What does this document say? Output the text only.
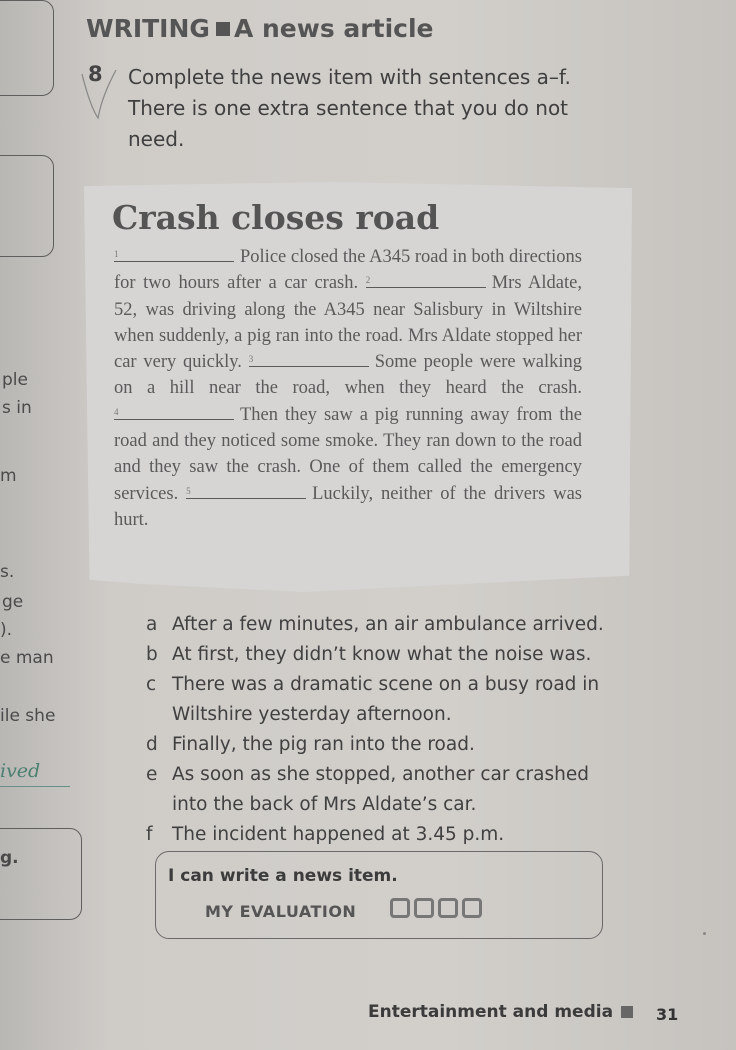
ple
s in
m
s.
ge
).
e man
ile she
ived
g.
WRITING A news article
8 Complete the news item with sentences a–f. There is one extra sentence that you do not need.
Crash closes road
1	Police closed the A345 road in both directions for two hours after a car crash. 2	Mrs Aldate, 52, was driving along the A345 near Salisbury in Wiltshire when suddenly, a pig ran into the road. Mrs Aldate stopped her car very quickly. 3	Some people were walking on a hill near the road, when they heard the crash.
4	Then they saw a pig running away from the road and they noticed some smoke. They ran down to the road and they saw the crash. One of them called the emergency services. 5	Luckily, neither of the drivers was hurt.
a After a few minutes, an air ambulance arrived.
b At first, they didn’t know what the noise was.
c There was a dramatic scene on a busy road in Wiltshire yesterday afternoon.
d Finally, the pig ran into the road.
e As soon as she stopped, another car crashed into the back of Mrs Aldate’s car.
f	The incident happened at 3.45 p.m.
I can write a news item.
MY EVALUATION
Entertainment and media	31
